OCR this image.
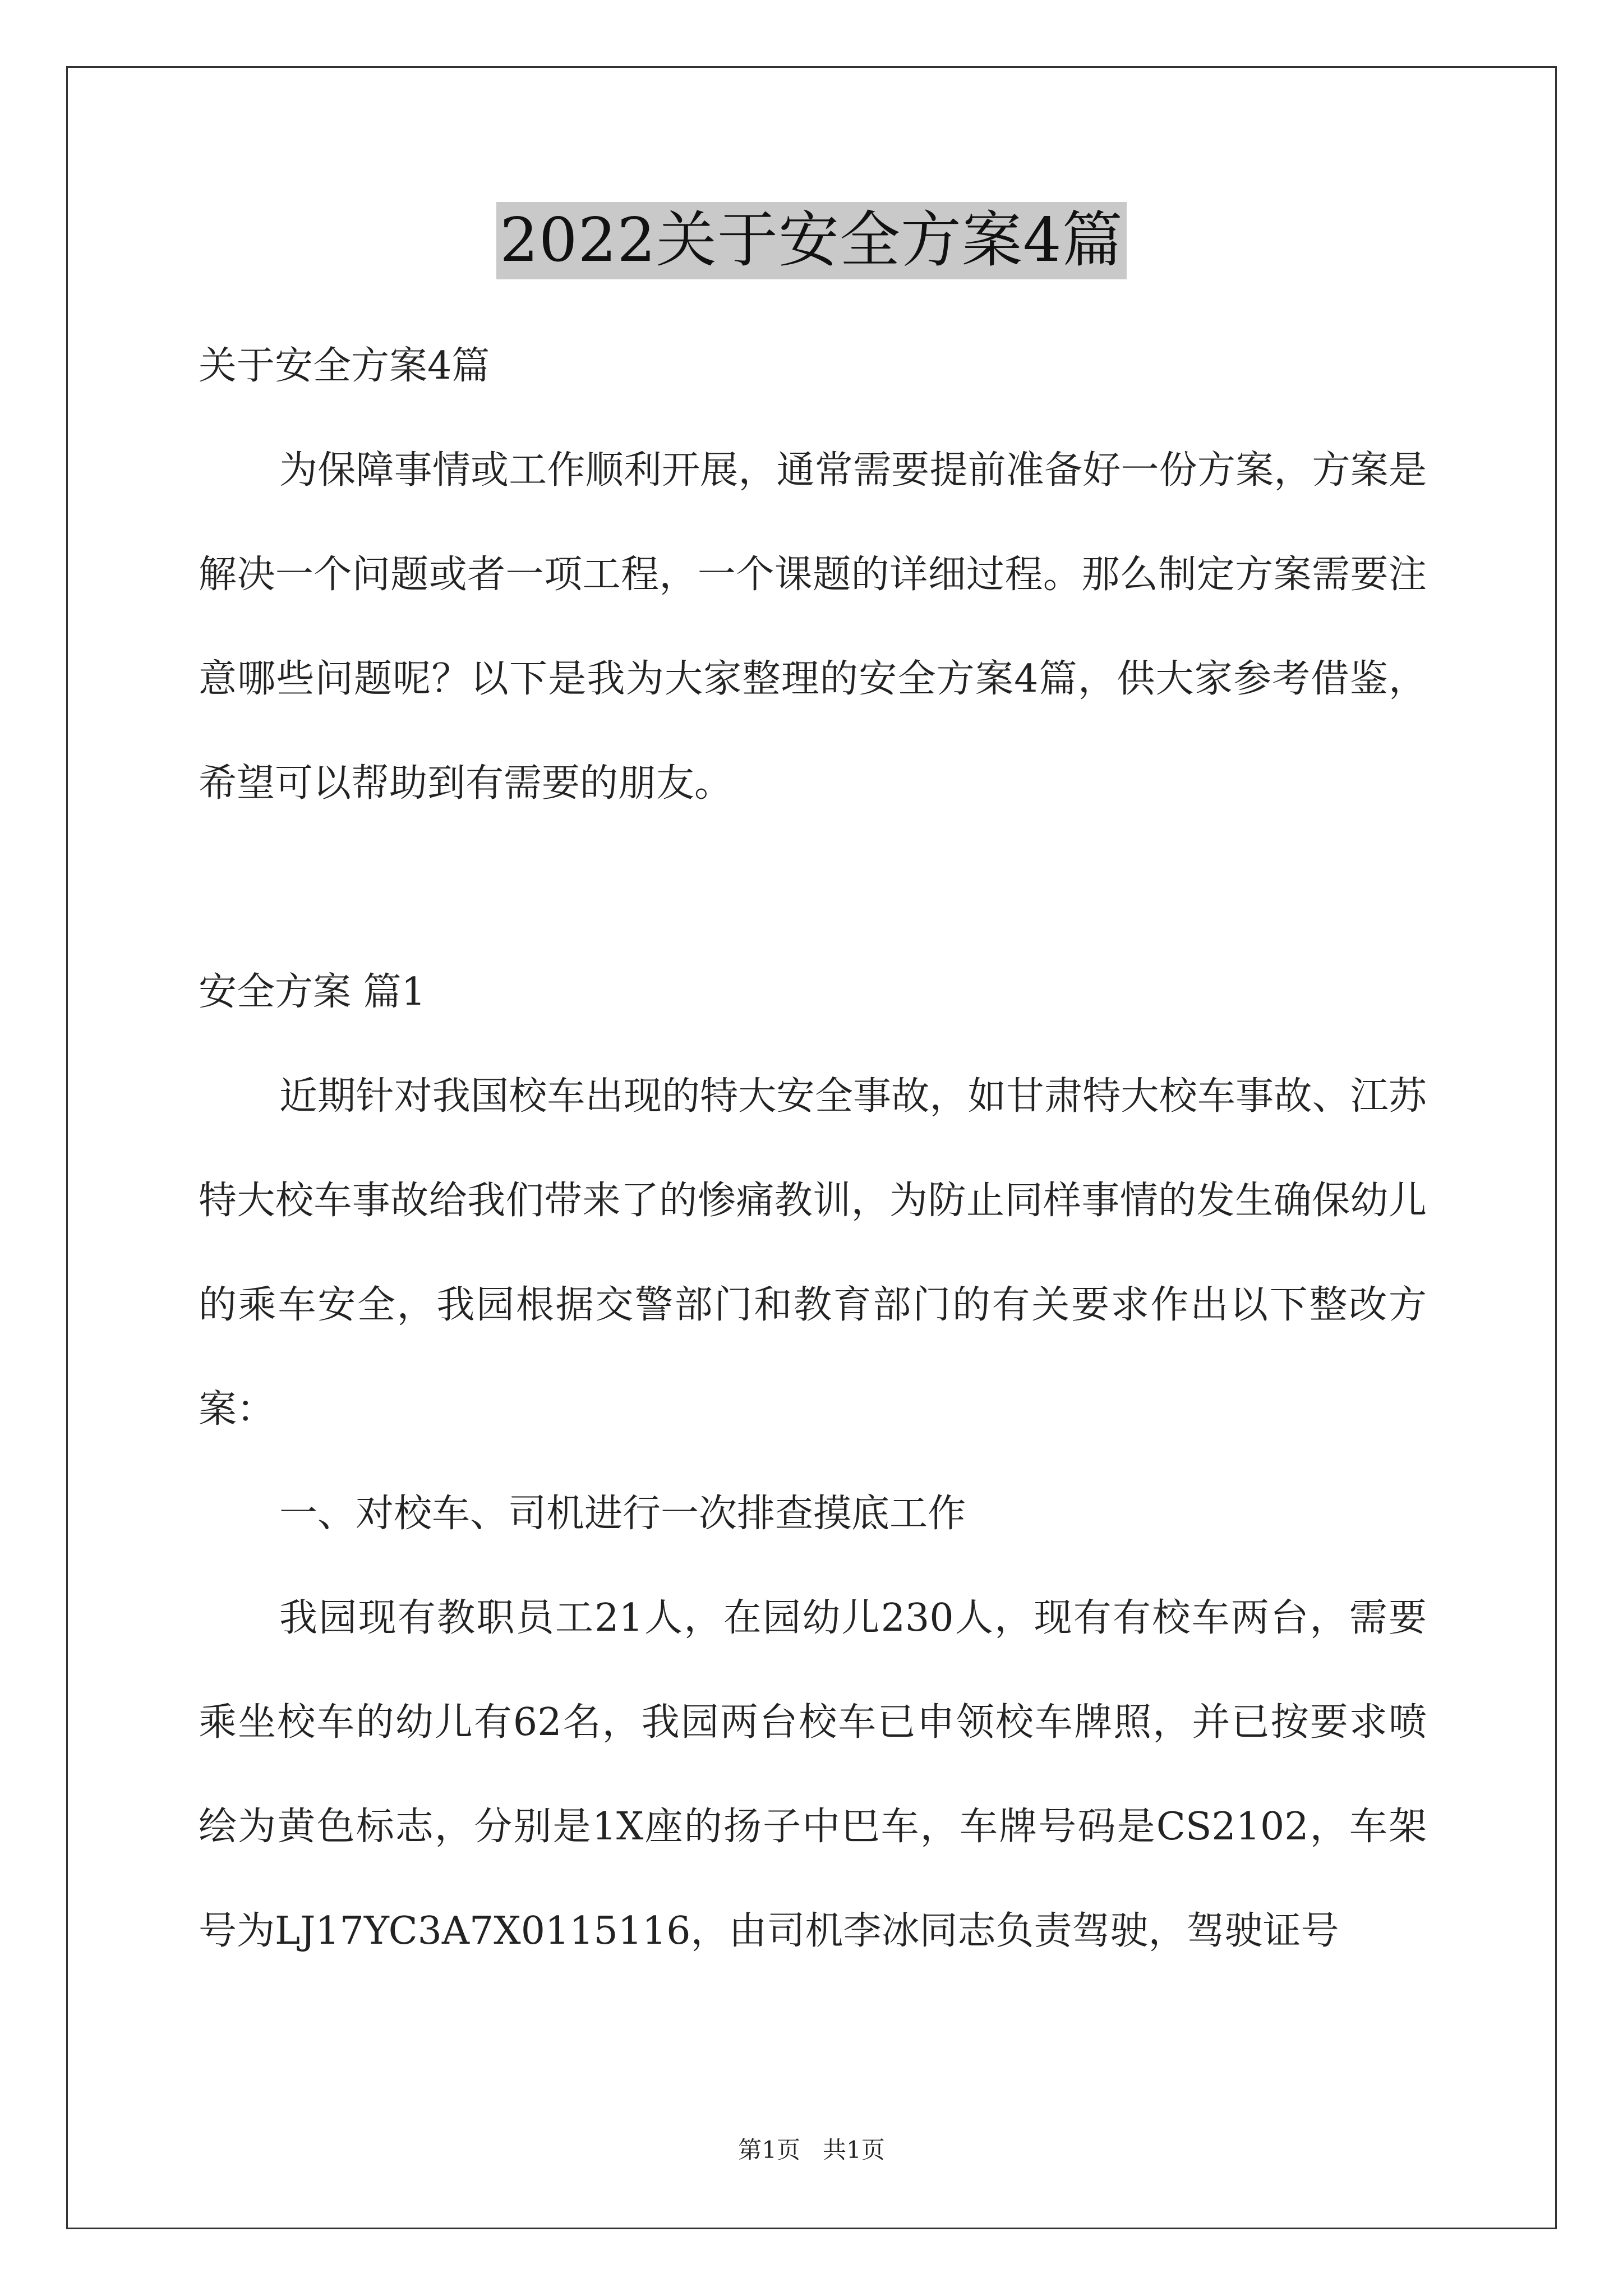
2022关于安全方案4篇

关于安全方案4篇

为保障事情或工作顺利开展，通常需要提前准备好一份方案，方案是解决一个问题或者一项工程，一个课题的详细过程。那么制定方案需要注意哪些问题呢？以下是我为大家整理的安全方案4篇，供大家参考借鉴，希望可以帮助到有需要的朋友。

安全方案 篇1

近期针对我国校车出现的特大安全事故，如甘肃特大校车事故、江苏特大校车事故给我们带来了的惨痛教训，为防止同样事情的发生确保幼儿的乘车安全，我园根据交警部门和教育部门的有关要求作出以下整改方案：

一、对校车、司机进行一次排查摸底工作

我园现有教职员工21人，在园幼儿230人，现有有校车两台，需要乘坐校车的幼儿有62名，我园两台校车已申领校车牌照，并已按要求喷绘为黄色标志，分别是1X座的扬子中巴车，车牌号码是CS2102，车架号为LJ17YC3A7X0115116，由司机李冰同志负责驾驶，驾驶证号

第1页   共1页
